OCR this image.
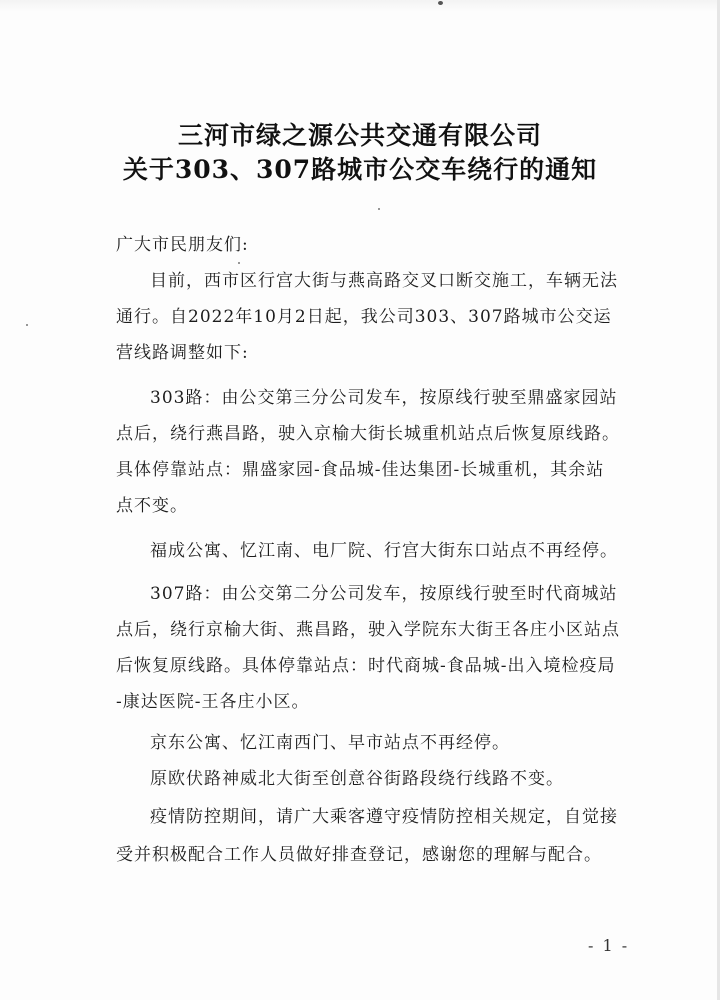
三河市绿之源公共交通有限公司
关于303、307路城市公交车绕行的通知
广大市民朋友们:
目前，西市区行宫大街与燕高路交叉口断交施工，车辆无法
通行。自2022年10月2日起，我公司303、307路城市公交运
营线路调整如下:
303路：由公交第三分公司发车，按原线行驶至鼎盛家园站
点后，绕行燕昌路，驶入京榆大街长城重机站点后恢复原线路。
具体停靠站点：鼎盛家园-食品城-佳达集团-长城重机，其余站
点不变。
福成公寓、忆江南、电厂院、行宫大街东口站点不再经停。
307路：由公交第二分公司发车，按原线行驶至时代商城站
点后，绕行京榆大街、燕昌路，驶入学院东大街王各庄小区站点
后恢复原线路。具体停靠站点：时代商城-食品城-出入境检疫局
-康达医院-王各庄小区。
京东公寓、忆江南西门、早市站点不再经停。
原欧伏路神威北大街至创意谷街路段绕行线路不变。
疫情防控期间，请广大乘客遵守疫情防控相关规定，自觉接
受并积极配合工作人员做好排查登记，感谢您的理解与配合。
- 1 -
